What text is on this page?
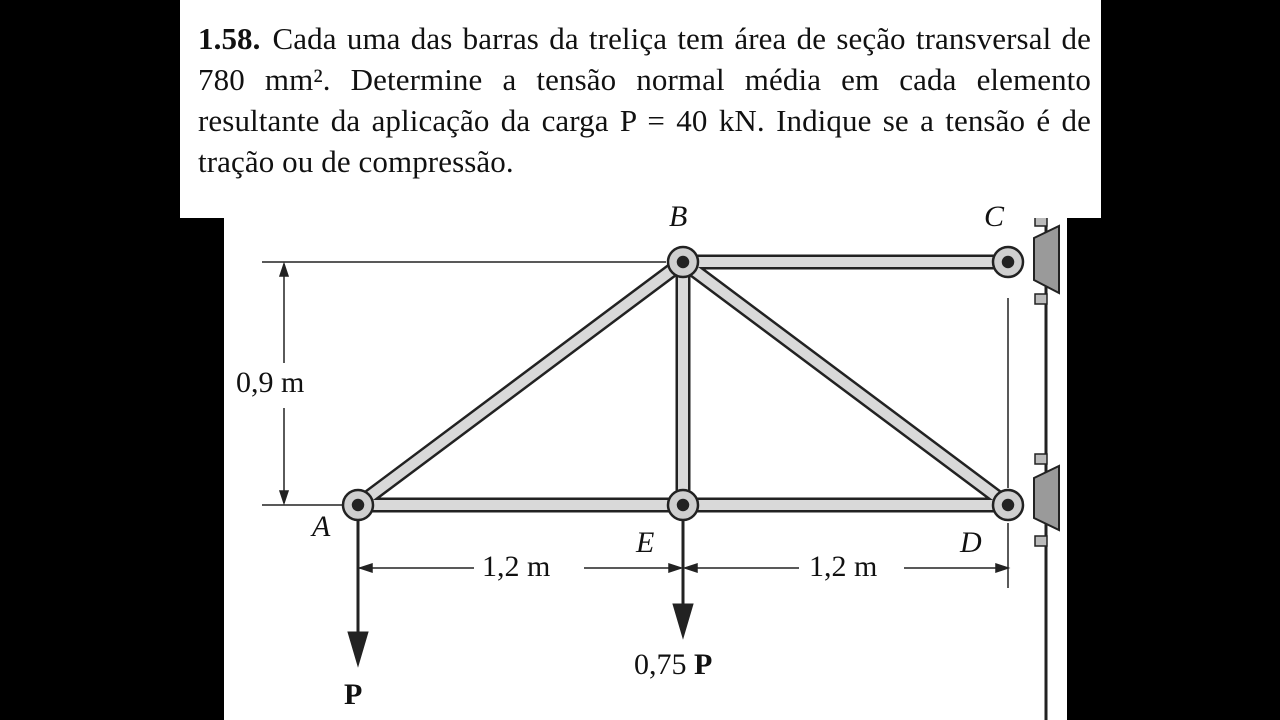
1.58. Cada uma das barras da treliça tem área de seção transversal de 780 mm². Determine a tensão normal média em cada elemento resultante da aplicação da carga P = 40 kN. Indique se a tensão é de tração ou de compressão.
B	C
A	E	D
0,9 m
1,2 m	1,2 m
P
0,75 P
